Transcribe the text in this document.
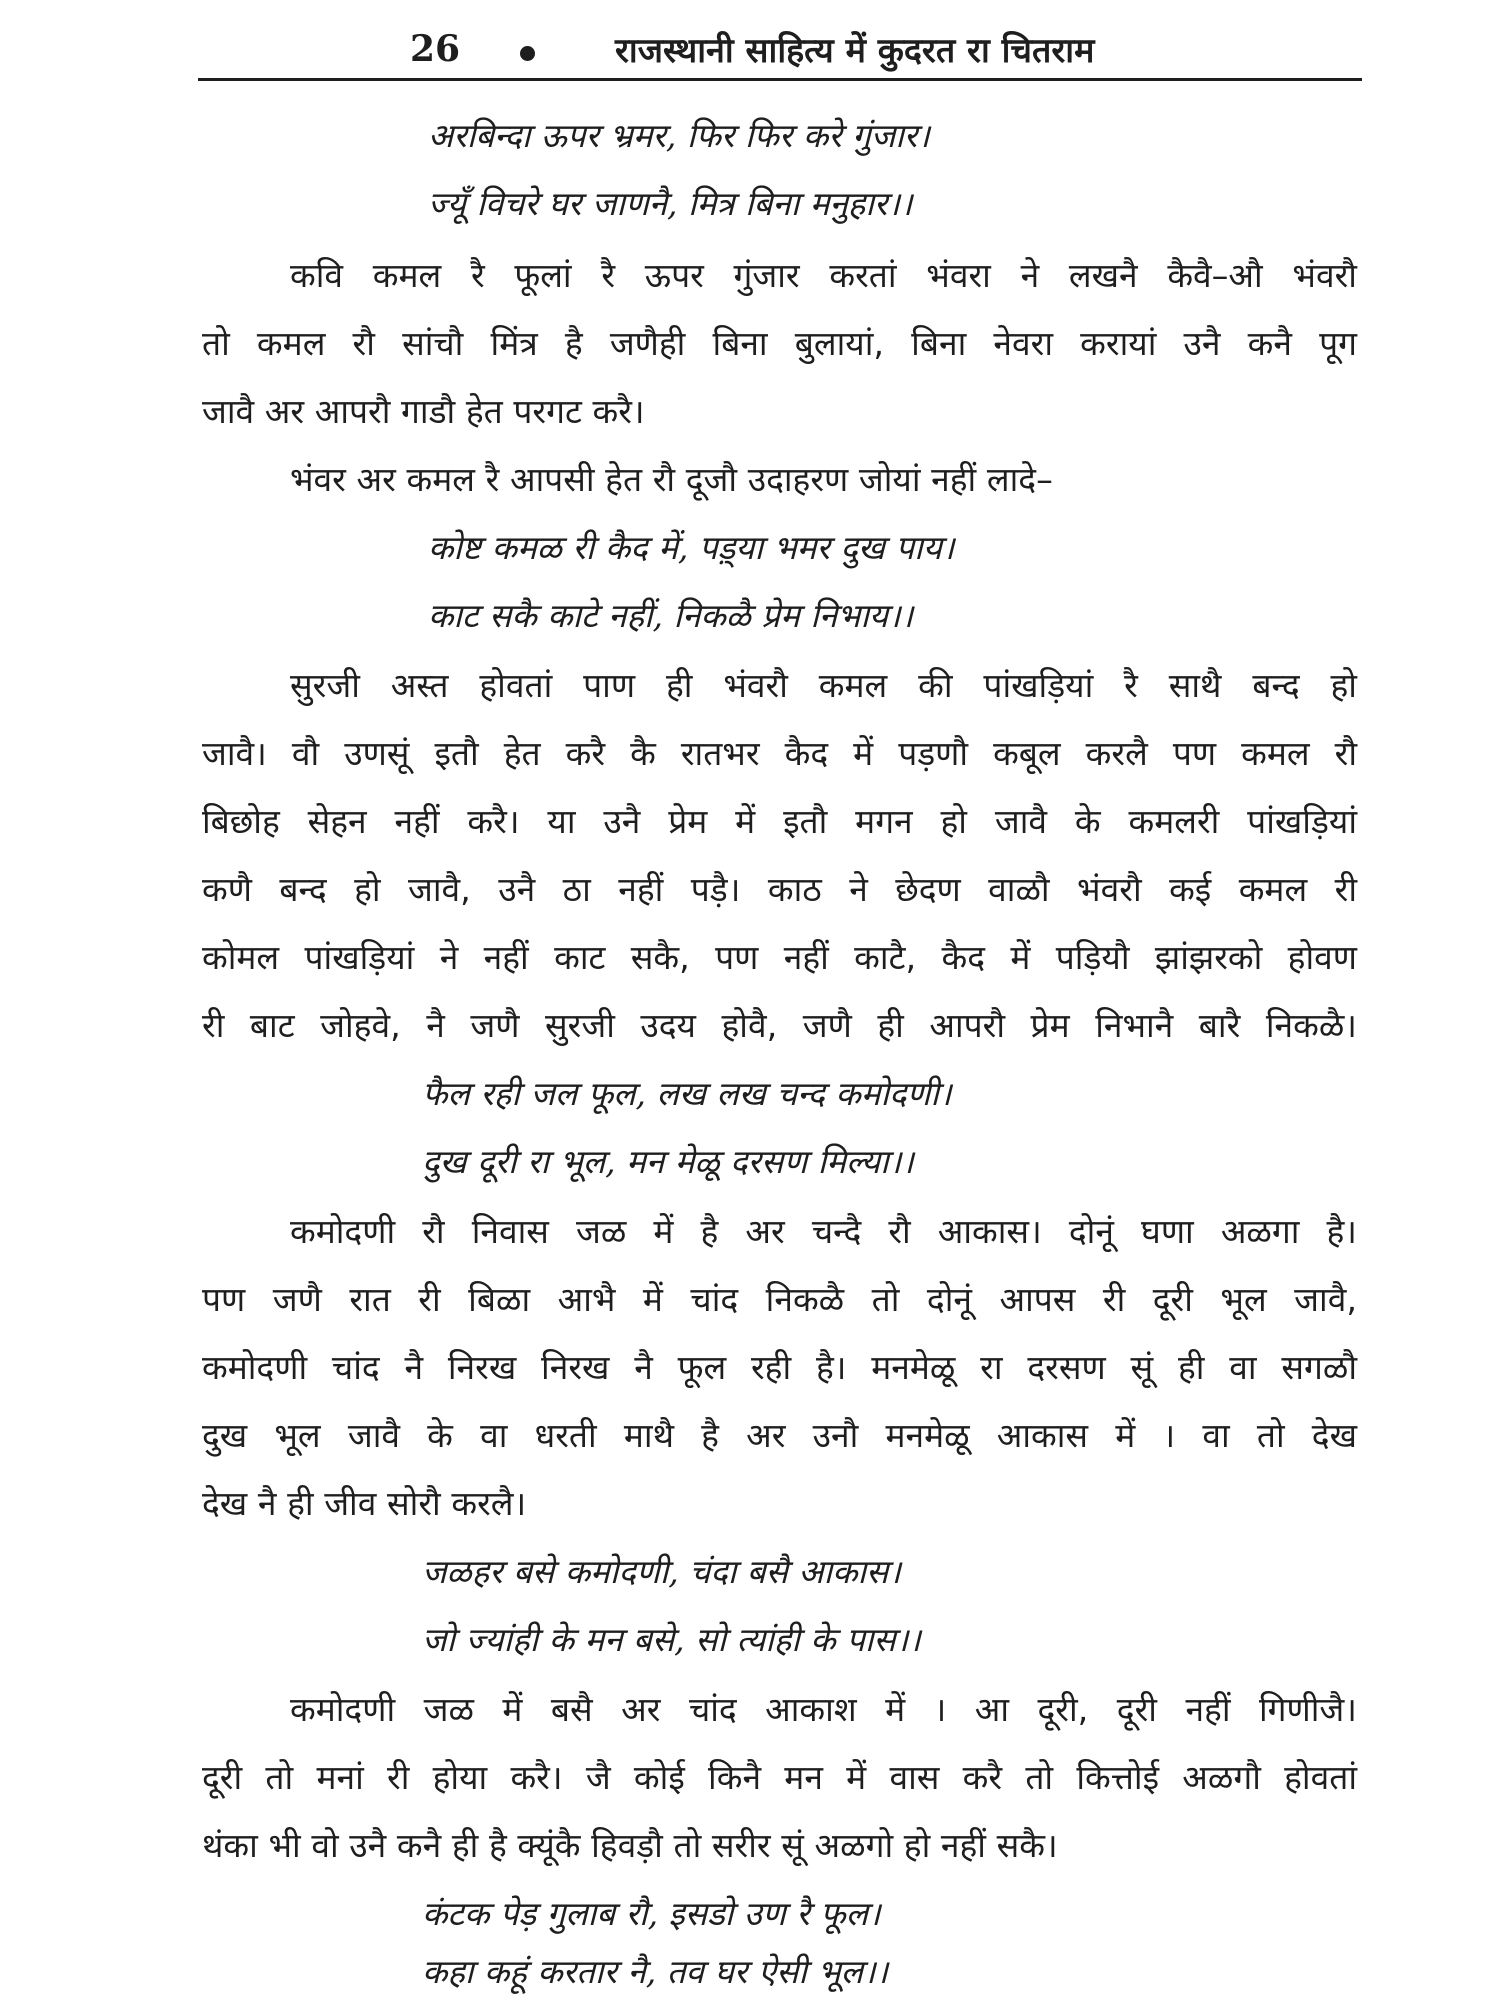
26	राजस्थानी साहित्य में कुदरत रा चितराम
अरबिन्दा ऊपर भ्रमर, फिर फिर करे गुंजार।
ज्यूँ विचरे घर जाणनै, मित्र बिना मनुहार।।
कवि कमल रै फूलां रै ऊपर गुंजार करतां भंवरा ने लखनै कैवै–औ भंवरौ
तो कमल रौ सांचौ मिंत्र है जणैही बिना बुलायां, बिना नेवरा करायां उनै कनै पूग
जावै अर आपरौ गाडौ हेत परगट करै।
भंवर अर कमल रै आपसी हेत रौ दूजौ उदाहरण जोयां नहीं लादे–
कोष्ट कमळ री कैद में, पड़्या भमर दुख पाय।
काट सकै काटे नहीं, निकळै प्रेम निभाय।।
सुरजी अस्त होवतां पाण ही भंवरौ कमल की पांखड़ियां रै साथै बन्द हो
जावै। वौ उणसूं इतौ हेत करै कै रातभर कैद में पड़णौ कबूल करलै पण कमल रौ
बिछोह सेहन नहीं करै। या उनै प्रेम में इतौ मगन हो जावै के कमलरी पांखड़ियां
कणै बन्द हो जावै, उनै ठा नहीं पड़ै। काठ ने छेदण वाळौ भंवरौ कई कमल री
कोमल पांखड़ियां ने नहीं काट सकै, पण नहीं काटै, कैद में पड़ियौ झांझरको होवण
री बाट जोहवे, नै जणै सुरजी उदय होवै, जणै ही आपरौ प्रेम निभानै बारै निकळै।
फैल रही जल फूल, लख लख चन्द कमोदणी।
दुख दूरी रा भूल, मन मेळू दरसण मिल्या।।
कमोदणी रौ निवास जळ में है अर चन्दै रौ आकास। दोनूं घणा अळगा है।
पण जणै रात री बिळा आभै में चांद निकळै तो दोनूं आपस री दूरी भूल जावै,
कमोदणी चांद नै निरख निरख नै फूल रही है। मनमेळू रा दरसण सूं ही वा सगळौ
दुख भूल जावै के वा धरती माथै है अर उनौ मनमेळू आकास में । वा तो देख
देख नै ही जीव सोरौ करलै।
जळहर बसे कमोदणी, चंदा बसै आकास।
जो ज्यांही के मन बसे, सो त्यांही के पास।।
कमोदणी जळ में बसै अर चांद आकाश में । आ दूरी, दूरी नहीं गिणीजै।
दूरी तो मनां री होया करै। जै कोई किनै मन में वास करै तो कित्तोई अळगौ होवतां
थंका भी वो उनै कनै ही है क्यूंकै हिवड़ौ तो सरीर सूं अळगो हो नहीं सकै।
कंटक पेड़ गुलाब रौ, इसडो उण रै फूल।
कहा कहूं करतार नै, तव घर ऐसी भूल।।
